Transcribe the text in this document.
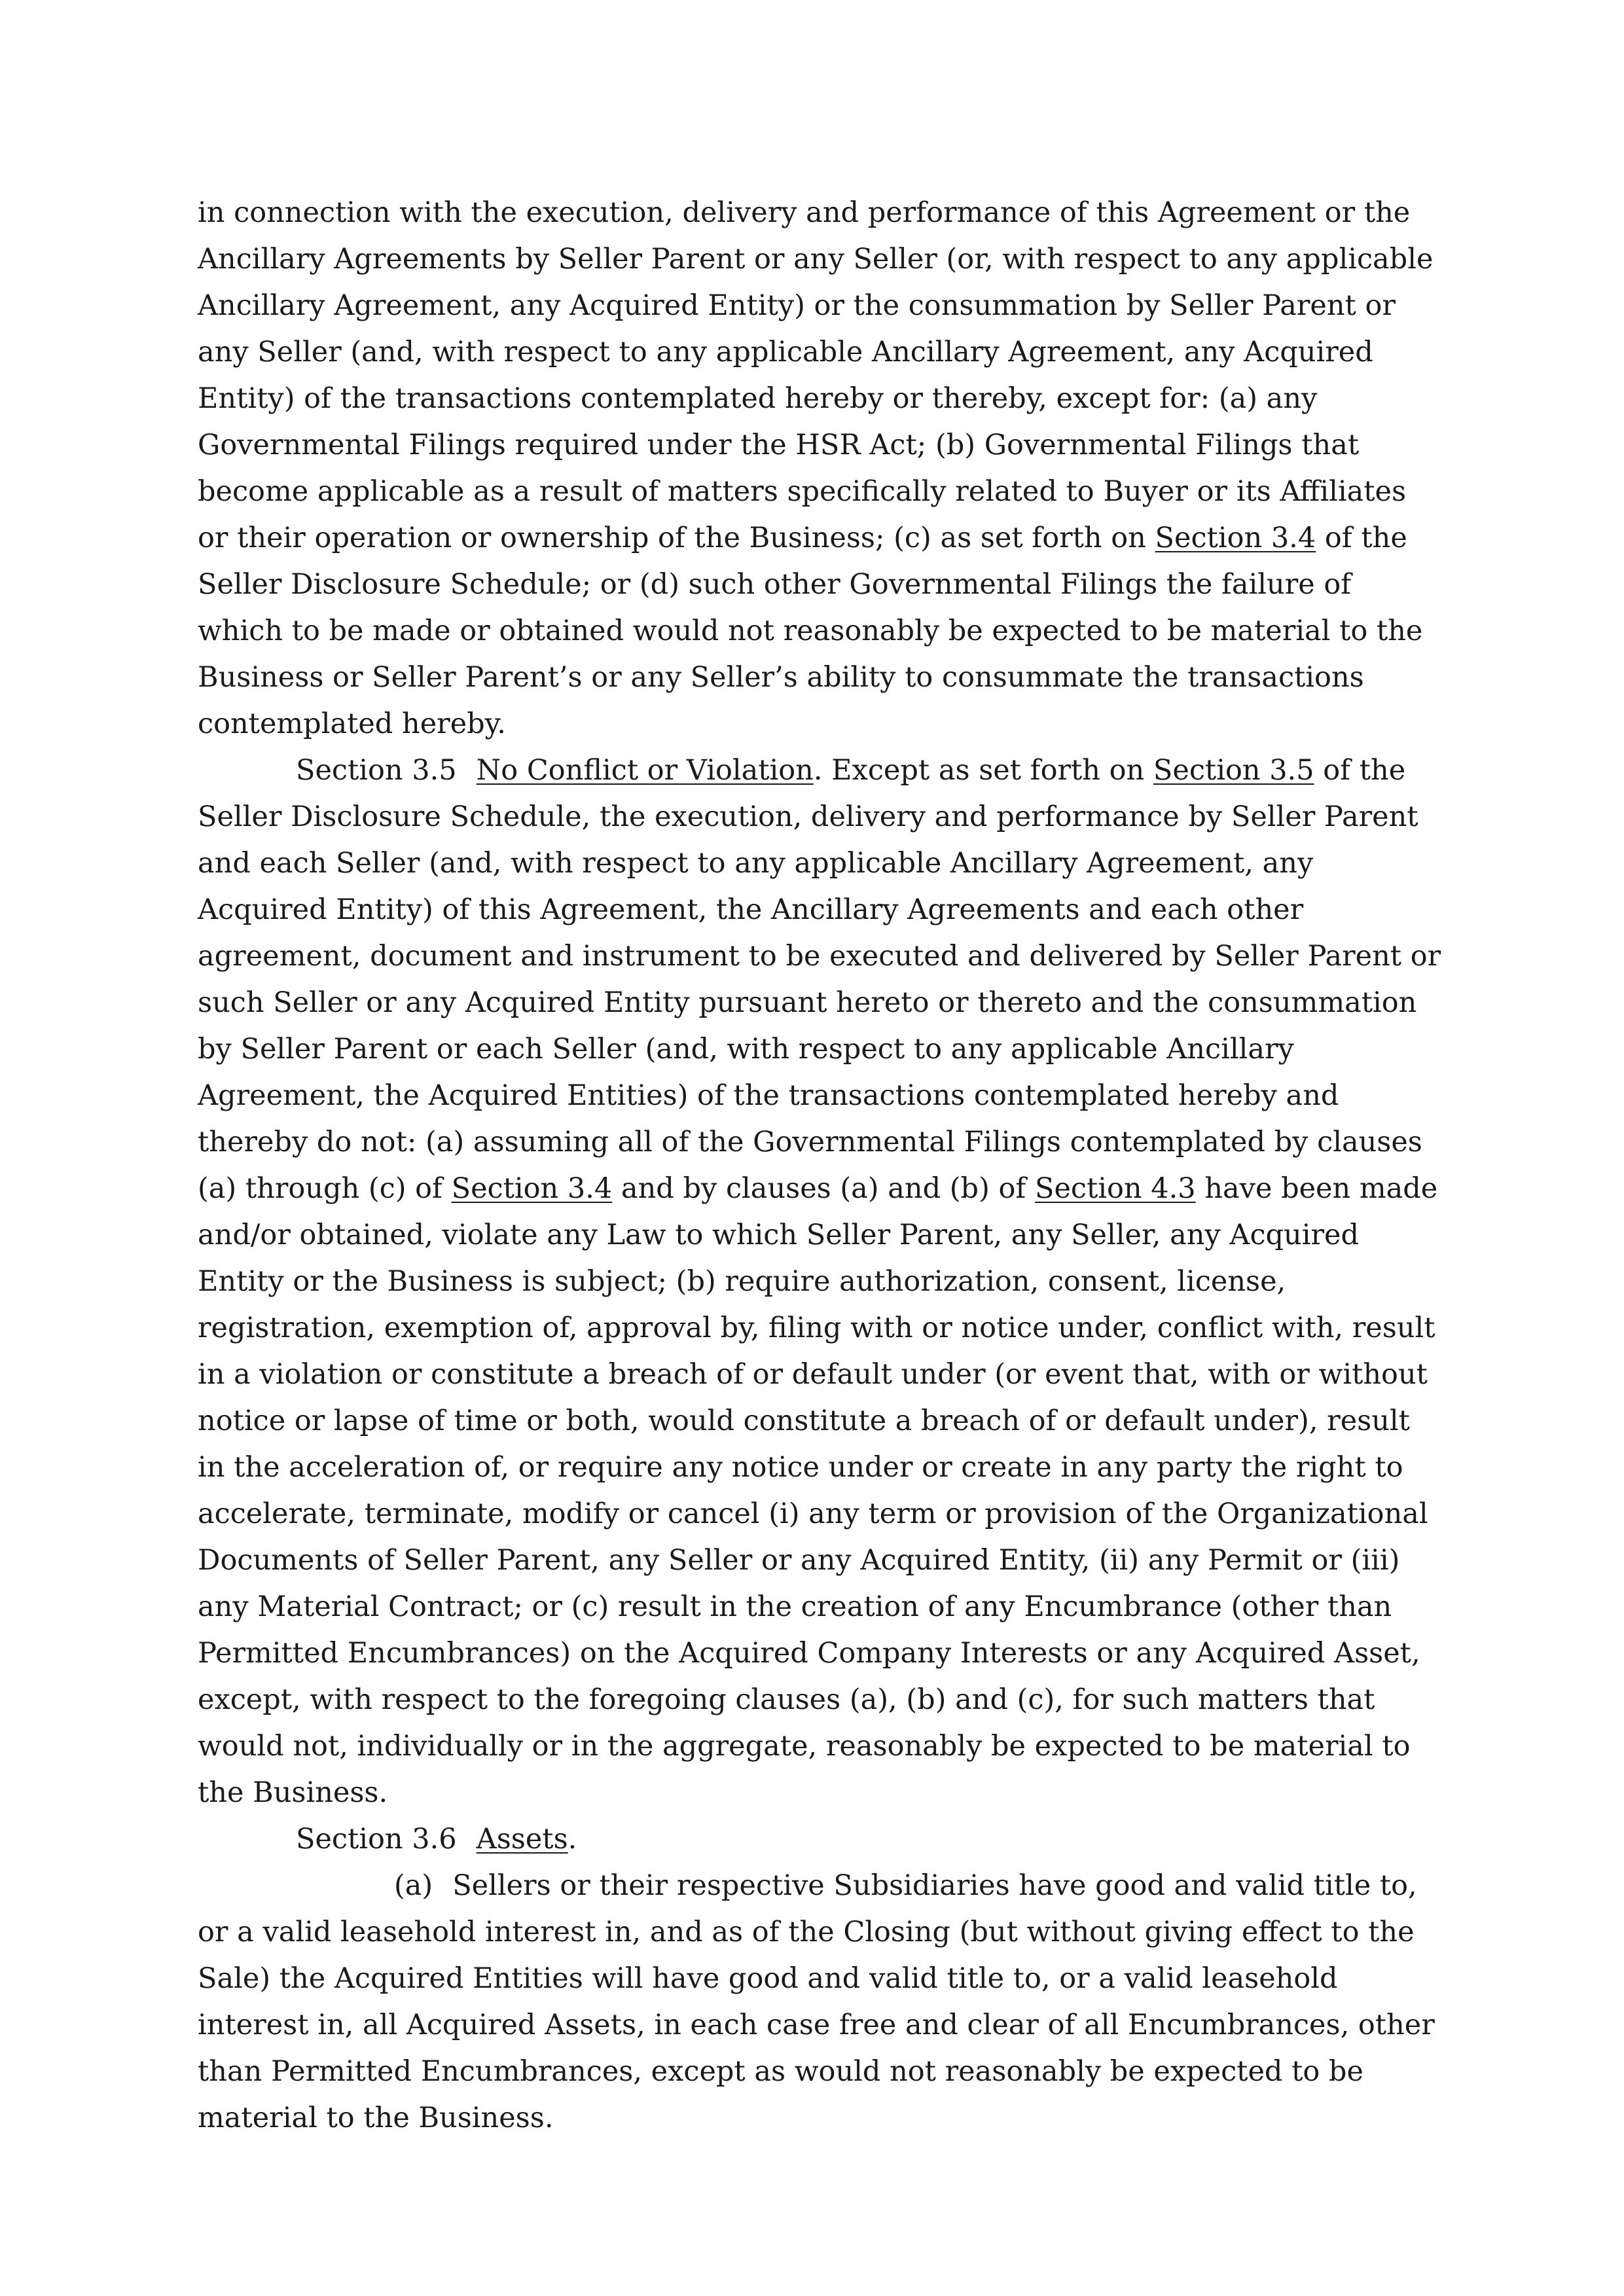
in connection with the execution, delivery and performance of this Agreement or the Ancillary Agreements by Seller Parent or any Seller (or, with respect to any applicable Ancillary Agreement, any Acquired Entity) or the consummation by Seller Parent or any Seller (and, with respect to any applicable Ancillary Agreement, any Acquired Entity) of the transactions contemplated hereby or thereby, except for: (a) any Governmental Filings required under the HSR Act; (b) Governmental Filings that become applicable as a result of matters specifically related to Buyer or its Affiliates or their operation or ownership of the Business; (c) as set forth on Section 3.4 of the Seller Disclosure Schedule; or (d) such other Governmental Filings the failure of which to be made or obtained would not reasonably be expected to be material to the Business or Seller Parent’s or any Seller’s ability to consummate the transactions contemplated hereby.

Section 3.5 No Conflict or Violation. Except as set forth on Section 3.5 of the Seller Disclosure Schedule, the execution, delivery and performance by Seller Parent and each Seller (and, with respect to any applicable Ancillary Agreement, any Acquired Entity) of this Agreement, the Ancillary Agreements and each other agreement, document and instrument to be executed and delivered by Seller Parent or such Seller or any Acquired Entity pursuant hereto or thereto and the consummation by Seller Parent or each Seller (and, with respect to any applicable Ancillary Agreement, the Acquired Entities) of the transactions contemplated hereby and thereby do not: (a) assuming all of the Governmental Filings contemplated by clauses (a) through (c) of Section 3.4 and by clauses (a) and (b) of Section 4.3 have been made and/or obtained, violate any Law to which Seller Parent, any Seller, any Acquired Entity or the Business is subject; (b) require authorization, consent, license, registration, exemption of, approval by, filing with or notice under, conflict with, result in a violation or constitute a breach of or default under (or event that, with or without notice or lapse of time or both, would constitute a breach of or default under), result in the acceleration of, or require any notice under or create in any party the right to accelerate, terminate, modify or cancel (i) any term or provision of the Organizational Documents of Seller Parent, any Seller or any Acquired Entity, (ii) any Permit or (iii) any Material Contract; or (c) result in the creation of any Encumbrance (other than Permitted Encumbrances) on the Acquired Company Interests or any Acquired Asset, except, with respect to the foregoing clauses (a), (b) and (c), for such matters that would not, individually or in the aggregate, reasonably be expected to be material to the Business.

Section 3.6 Assets.

(a) Sellers or their respective Subsidiaries have good and valid title to, or a valid leasehold interest in, and as of the Closing (but without giving effect to the Sale) the Acquired Entities will have good and valid title to, or a valid leasehold interest in, all Acquired Assets, in each case free and clear of all Encumbrances, other than Permitted Encumbrances, except as would not reasonably be expected to be material to the Business.
